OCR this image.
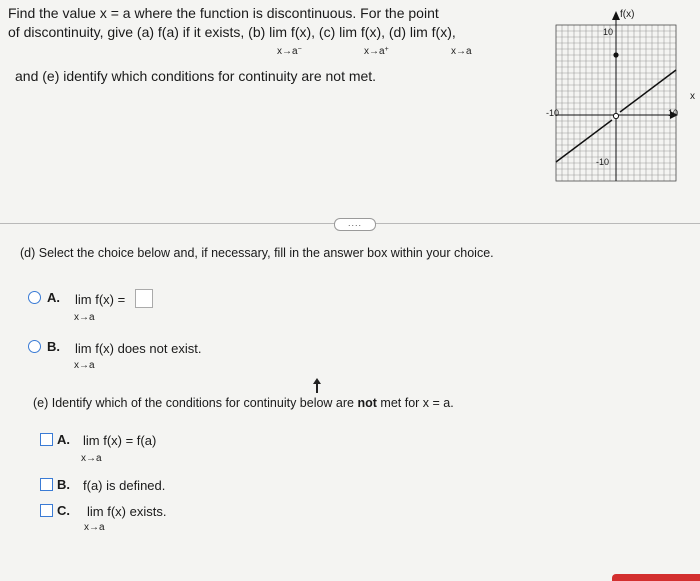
Find the value x = a where the function is discontinuous. For the point
of discontinuity, give (a) f(a) if it exists, (b) lim f(x), (c) lim f(x), (d) lim f(x),
x→a−	x→a+	x→a
and (e) identify which conditions for continuity are not met.
f(x)
x
10
-10
-10	10
....
(d) Select the choice below and, if necessary, fill in the answer box within your choice.
A. lim f(x) =
x→a
B. lim f(x) does not exist.
x→a
(e) Identify which of the conditions for continuity below are not met for x = a.
A. lim f(x) = f(a)
x→a
B. f(a) is defined.
C. lim f(x) exists.
x→a
